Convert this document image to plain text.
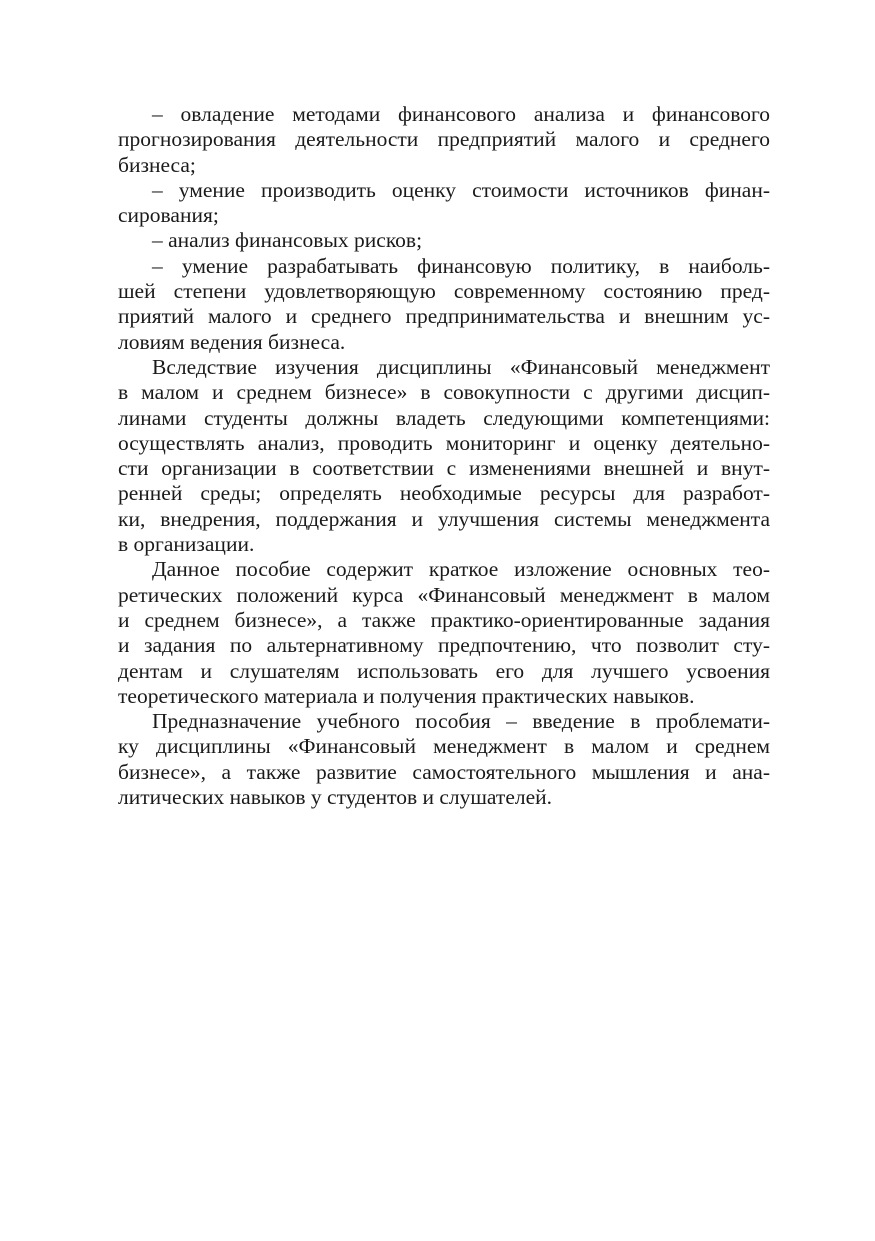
– овладение методами финансового анализа и финансового
прогнозирования деятельности предприятий малого и среднего
бизнеса;
– умение производить оценку стоимости источников финан-
сирования;
– анализ финансовых рисков;
– умение разрабатывать финансовую политику, в наиболь-
шей степени удовлетворяющую современному состоянию пред-
приятий малого и среднего предпринимательства и внешним ус-
ловиям ведения бизнеса.
Вследствие изучения дисциплины «Финансовый менеджмент
в малом и среднем бизнесе» в совокупности с другими дисцип-
линами студенты должны владеть следующими компетенциями:
осуществлять анализ, проводить мониторинг и оценку деятельно-
сти организации в соответствии с изменениями внешней и внут-
ренней среды; определять необходимые ресурсы для разработ-
ки, внедрения, поддержания и улучшения системы менеджмента
в организации.
Данное пособие содержит краткое изложение основных тео-
ретических положений курса «Финансовый менеджмент в малом
и среднем бизнесе», а также практико-ориентированные задания
и задания по альтернативному предпочтению, что позволит сту-
дентам и слушателям использовать его для лучшего усвоения
теоретического материала и получения практических навыков.
Предназначение учебного пособия – введение в проблемати-
ку дисциплины «Финансовый менеджмент в малом и среднем
бизнесе», а также развитие самостоятельного мышления и ана-
литических навыков у студентов и слушателей.
